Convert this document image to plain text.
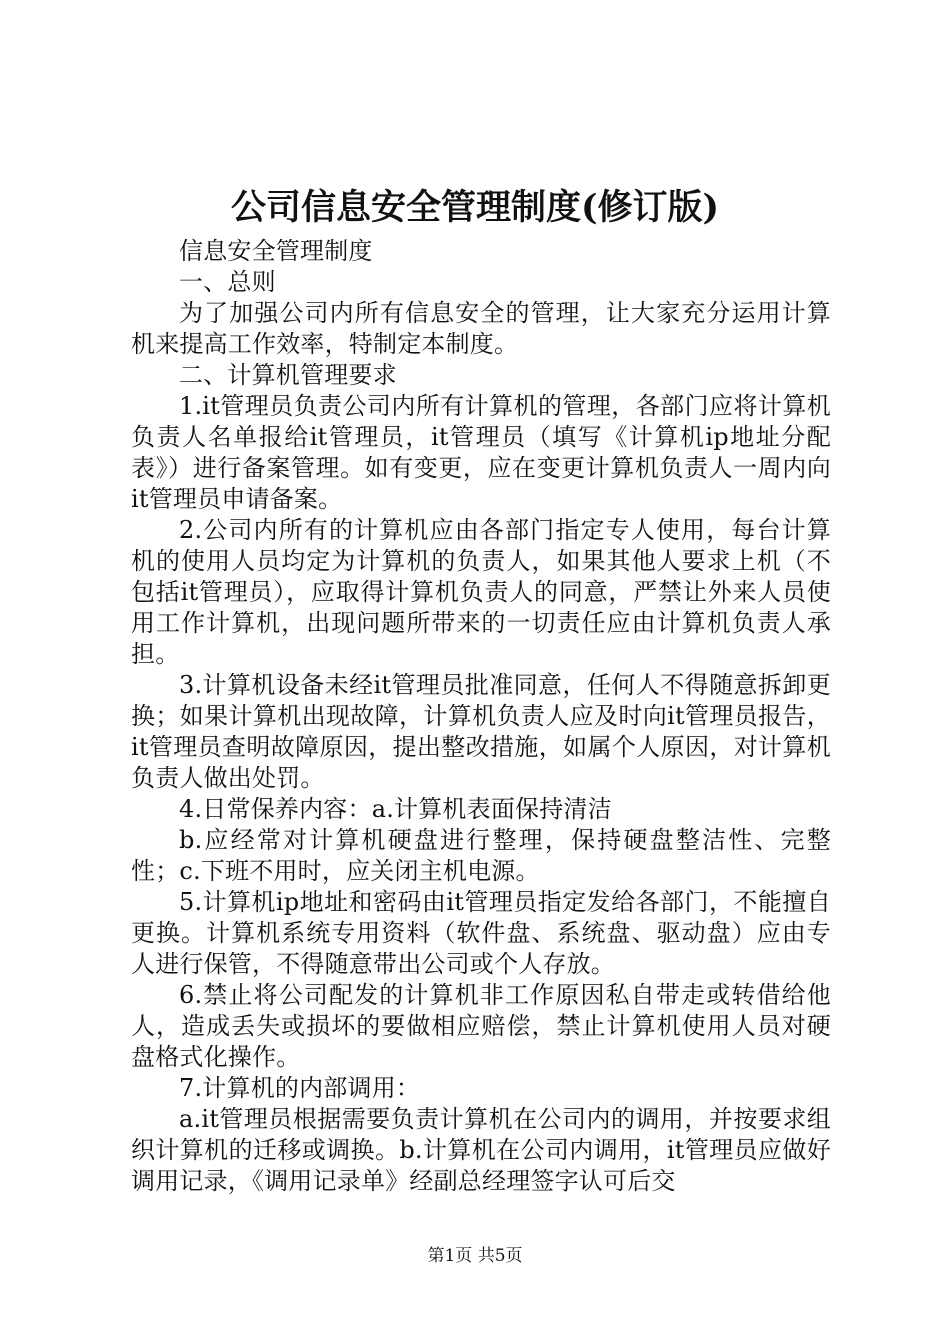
公司信息安全管理制度(修订版)

信息安全管理制度

一、总则

为了加强公司内所有信息安全的管理，让大家充分运用计算机来提高工作效率，特制定本制度。

二、计算机管理要求

1.it管理员负责公司内所有计算机的管理，各部门应将计算机负责人名单报给it管理员，it管理员（填写《计算机ip地址分配表》）进行备案管理。如有变更，应在变更计算机负责人一周内向it管理员申请备案。

2.公司内所有的计算机应由各部门指定专人使用，每台计算机的使用人员均定为计算机的负责人，如果其他人要求上机（不包括it管理员），应取得计算机负责人的同意，严禁让外来人员使用工作计算机，出现问题所带来的一切责任应由计算机负责人承担。

3.计算机设备未经it管理员批准同意，任何人不得随意拆卸更换；如果计算机出现故障，计算机负责人应及时向it管理员报告，it管理员查明故障原因，提出整改措施，如属个人原因，对计算机负责人做出处罚。

4.日常保养内容：a.计算机表面保持清洁

b.应经常对计算机硬盘进行整理，保持硬盘整洁性、完整性；c.下班不用时，应关闭主机电源。

5.计算机ip地址和密码由it管理员指定发给各部门，不能擅自更换。计算机系统专用资料（软件盘、系统盘、驱动盘）应由专人进行保管，不得随意带出公司或个人存放。

6.禁止将公司配发的计算机非工作原因私自带走或转借给他人，造成丢失或损坏的要做相应赔偿，禁止计算机使用人员对硬盘格式化操作。

7.计算机的内部调用：

a.it管理员根据需要负责计算机在公司内的调用，并按要求组织计算机的迁移或调换。b.计算机在公司内调用，it管理员应做好调用记录，《调用记录单》经副总经理签字认可后交

第1页 共5页
